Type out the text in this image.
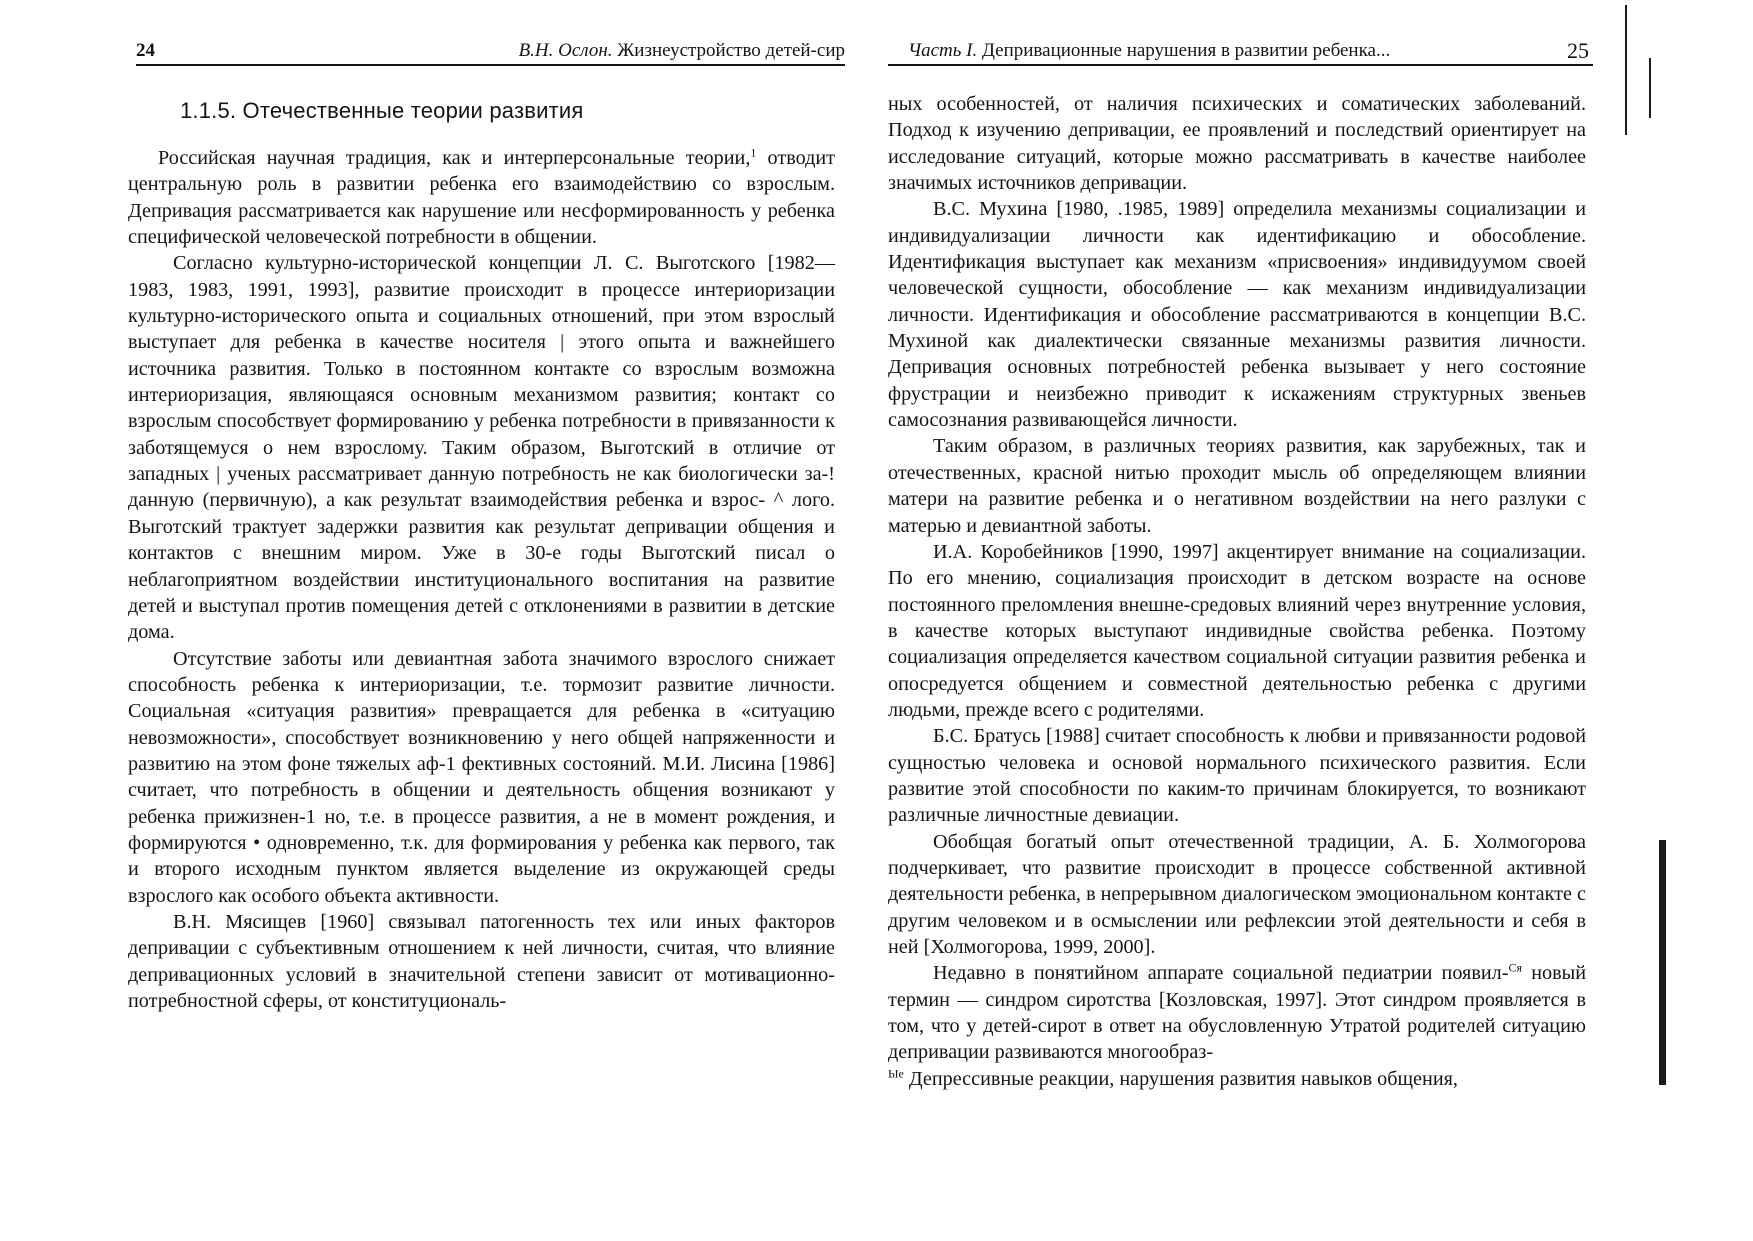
24	В.Н. Ослон. Жизнеустройство детей-сир
1.1.5. Отечественные теории развития

Российская научная традиция, как и интерперсональные теории,$^1$ отводит центральную роль в развитии ребенка его взаимодействию со взрослым. Депривация рассматривается как нарушение или несформированность у ребенка специфической человеческой потребности в общении.

Согласно культурно-исторической концепции Л. С. Выготского [1982—1983, 1983, 1991, 1993], развитие происходит в процессе интериоризации культурно-исторического опыта и социальных отношений, при этом взрослый выступает для ребенка в качестве носителя | этого опыта и важнейшего источника развития. Только в постоянном контакте со взрослым возможна интериоризация, являющаяся основным механизмом развития; контакт со взрослым способствует формированию у ребенка потребности в привязанности к заботящемуся о нем взрослому. Таким образом, Выготский в отличие от западных | ученых рассматривает данную потребность не как биологически за-! данную (первичную), а как результат взаимодействия ребенка и взрос- ^ лого. Выготский трактует задержки развития как результат депривации общения и контактов с внешним миром. Уже в 30-е годы Выготский писал о неблагоприятном воздействии институционального воспитания на развитие детей и выступал против помещения детей с отклонениями в развитии в детские дома.

Отсутствие заботы или девиантная забота значимого взрослого снижает способность ребенка к интериоризации, т.е. тормозит развитие личности. Социальная «ситуация развития» превращается для ребенка в «ситуацию невозможности», способствует возникновению у него общей напряженности и развитию на этом фоне тяжелых аф-1 фективных состояний. М.И. Лисина [1986] считает, что потребность в общении и деятельность общения возникают у ребенка прижизнен-1 но, т.е. в процессе развития, а не в момент рождения, и формируются • одновременно, т.к. для формирования у ребенка как первого, так и второго исходным пунктом является выделение из окружающей среды взрослого как особого объекта активности.

В.Н. Мясищев [1960] связывал патогенность тех или иных факторов депривации с субъективным отношением к ней личности, считая, что влияние депривационных условий в значительной степени зависит от мотивационно-потребностной сферы, от конституциональ-

Часть I. Депривационные нарушения в развитии ребенка...	25

ных особенностей, от наличия психических и соматических заболеваний. Подход к изучению депривации, ее проявлений и последствий ориентирует на исследование ситуаций, которые можно рассматривать в качестве наиболее значимых источников депривации.

В.С. Мухина [1980, .1985, 1989] определила механизмы социализации и индивидуализации личности как идентификацию и обособление. Идентификация выступает как механизм «присвоения» индивидуумом своей человеческой сущности, обособление — как механизм индивидуализации личности. Идентификация и обособление рассматриваются в концепции В.С. Мухиной как диалектически связанные механизмы развития личности. Депривация основных потребностей ребенка вызывает у него состояние фрустрации и неизбежно приводит к искажениям структурных звеньев самосознания развивающейся личности.

Таким образом, в различных теориях развития, как зарубежных, так и отечественных, красной нитью проходит мысль об определяющем влиянии матери на развитие ребенка и о негативном воздействии на него разлуки с матерью и девиантной заботы.

И.А. Коробейников [1990, 1997] акцентирует внимание на социализации. По его мнению, социализация происходит в детском возрасте на основе постоянного преломления внешне-средовых влияний через внутренние условия, в качестве которых выступают индивидные свойства ребенка. Поэтому социализация определяется качеством социальной ситуации развития ребенка и опосредуется общением и совместной деятельностью ребенка с другими людьми, прежде всего с родителями.

Б.С. Братусь [1988] считает способность к любви и привязанности родовой сущностью человека и основой нормального психического развития. Если развитие этой способности по каким-то причинам блокируется, то возникают различные личностные девиации.

Обобщая богатый опыт отечественной традиции, А. Б. Холмогорова подчеркивает, что развитие происходит в процессе собственной активной деятельности ребенка, в непрерывном диалогическом эмоциональном контакте с другим человеком и в осмыслении или рефлексии этой деятельности и себя в ней [Холмогорова, 1999, 2000].

Недавно в понятийном аппарате социальной педиатрии появил-$^{Ся}$ новый термин — синдром сиротства [Козловская, 1997]. Этот синдром проявляется в том, что у детей-сирот в ответ на обусловленную Утратой родителей ситуацию депривации развиваются многообраз-

$^{Ые}$ Депрессивные реакции, нарушения развития навыков общения,
